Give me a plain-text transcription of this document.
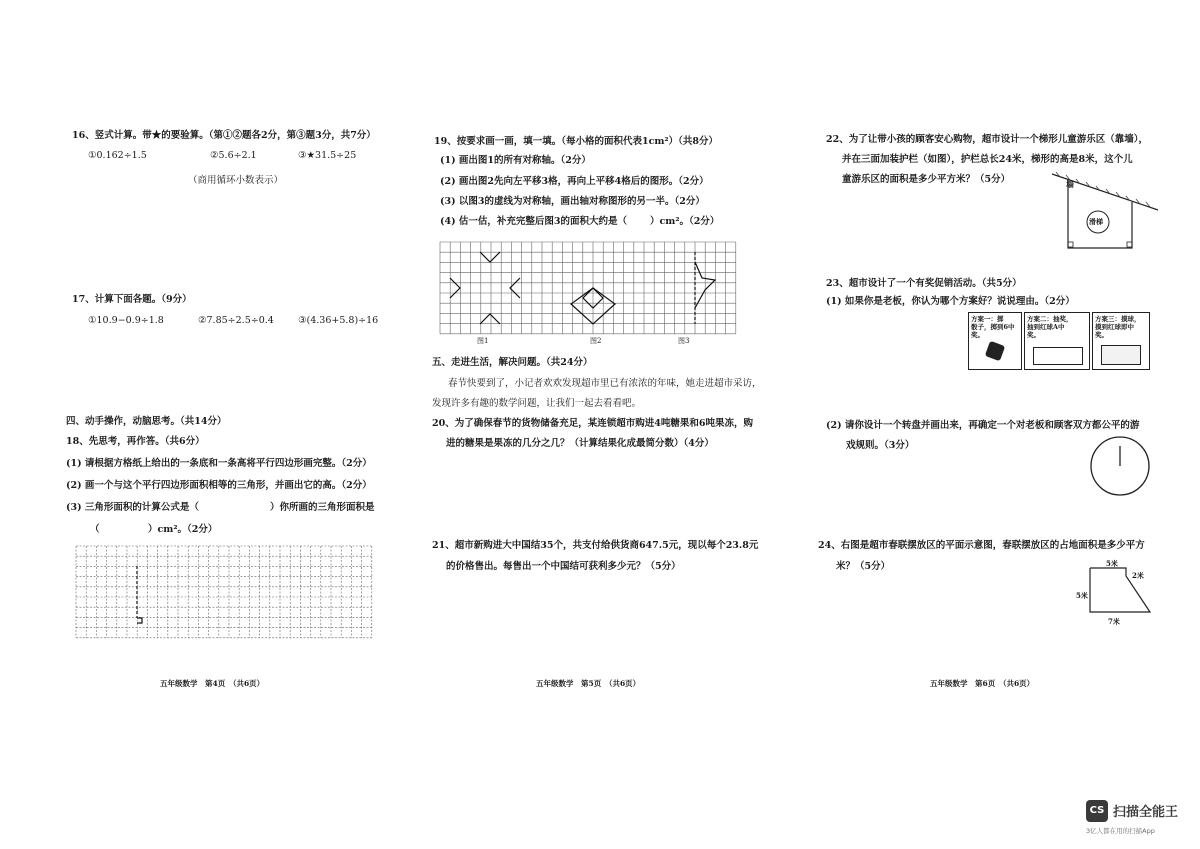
16、竖式计算。带★的要验算。（第①②题各2分，第③题3分，共7分）
①0.162÷1.5	②5.6÷2.1	③★31.5÷25
（商用循环小数表示）
17、计算下面各题。（9分）
①10.9−0.9÷1.8	②7.85÷2.5÷0.4	③(4.36+5.8)÷16
四、动手操作，动脑思考。（共14分）
18、先思考，再作答。（共6分）
(1) 请根据方格纸上给出的一条底和一条高将平行四边形画完整。（2分）
(2) 画一个与这个平行四边形面积相等的三角形，并画出它的高。（2分）
(3) 三角形面积的计算公式是（	）你所画的三角形面积是
（	）cm²。（2分）
五年级数学　第4页　（共6页）
19、按要求画一画，填一填。（每小格的面积代表1cm²）（共8分）
(1) 画出图1的所有对称轴。（2分）
(2) 画出图2先向左平移3格，再向上平移4格后的图形。（2分）
(3) 以图3的虚线为对称轴，画出轴对称图形的另一半。（2分）
(4) 估一估，补充完整后图3的面积大约是（ ）cm²。（2分）
图1	图2	图3
五、走进生活，解决问题。（共24分）
春节快要到了，小记者欢欢发现超市里已有浓浓的年味，她走进超市采访，
发现许多有趣的数学问题，让我们一起去看看吧。
20、为了确保春节的货物储备充足，某连锁超市购进4吨糖果和6吨果冻，购
进的糖果是果冻的几分之几？（计算结果化成最简分数）（4分）
21、超市新购进大中国结35个，共支付给供货商647.5元，现以每个23.8元
的价格售出。每售出一个中国结可获利多少元？（5分）
五年级数学　第5页　（共6页）
22、为了让带小孩的顾客安心购物，超市设计一个梯形儿童游乐区（靠墙），
并在三面加装护栏（如图），护栏总长24米，梯形的高是8米，这个儿
童游乐区的面积是多少平方米？（5分）	墙
滑梯
23、超市设计了一个有奖促销活动。（共5分）
(1) 如果你是老板，你认为哪个方案好？说说理由。（2分）
方案一：掷
骰子，掷到6中
奖。
方案二：抽奖，
抽到红球A中
奖。
方案三：摸球，
摸到红球即中
奖。
(2) 请你设计一个转盘并画出来，再确定一个对老板和顾客双方都公平的游
戏规则。（3分）
24、右图是超市春联摆放区的平面示意图，春联摆放区的占地面积是多少平方
米？（5分）	5米
2米
5米
7米
五年级数学　第6页　（共6页）
CS 扫描全能王
3亿人都在用的扫描App
